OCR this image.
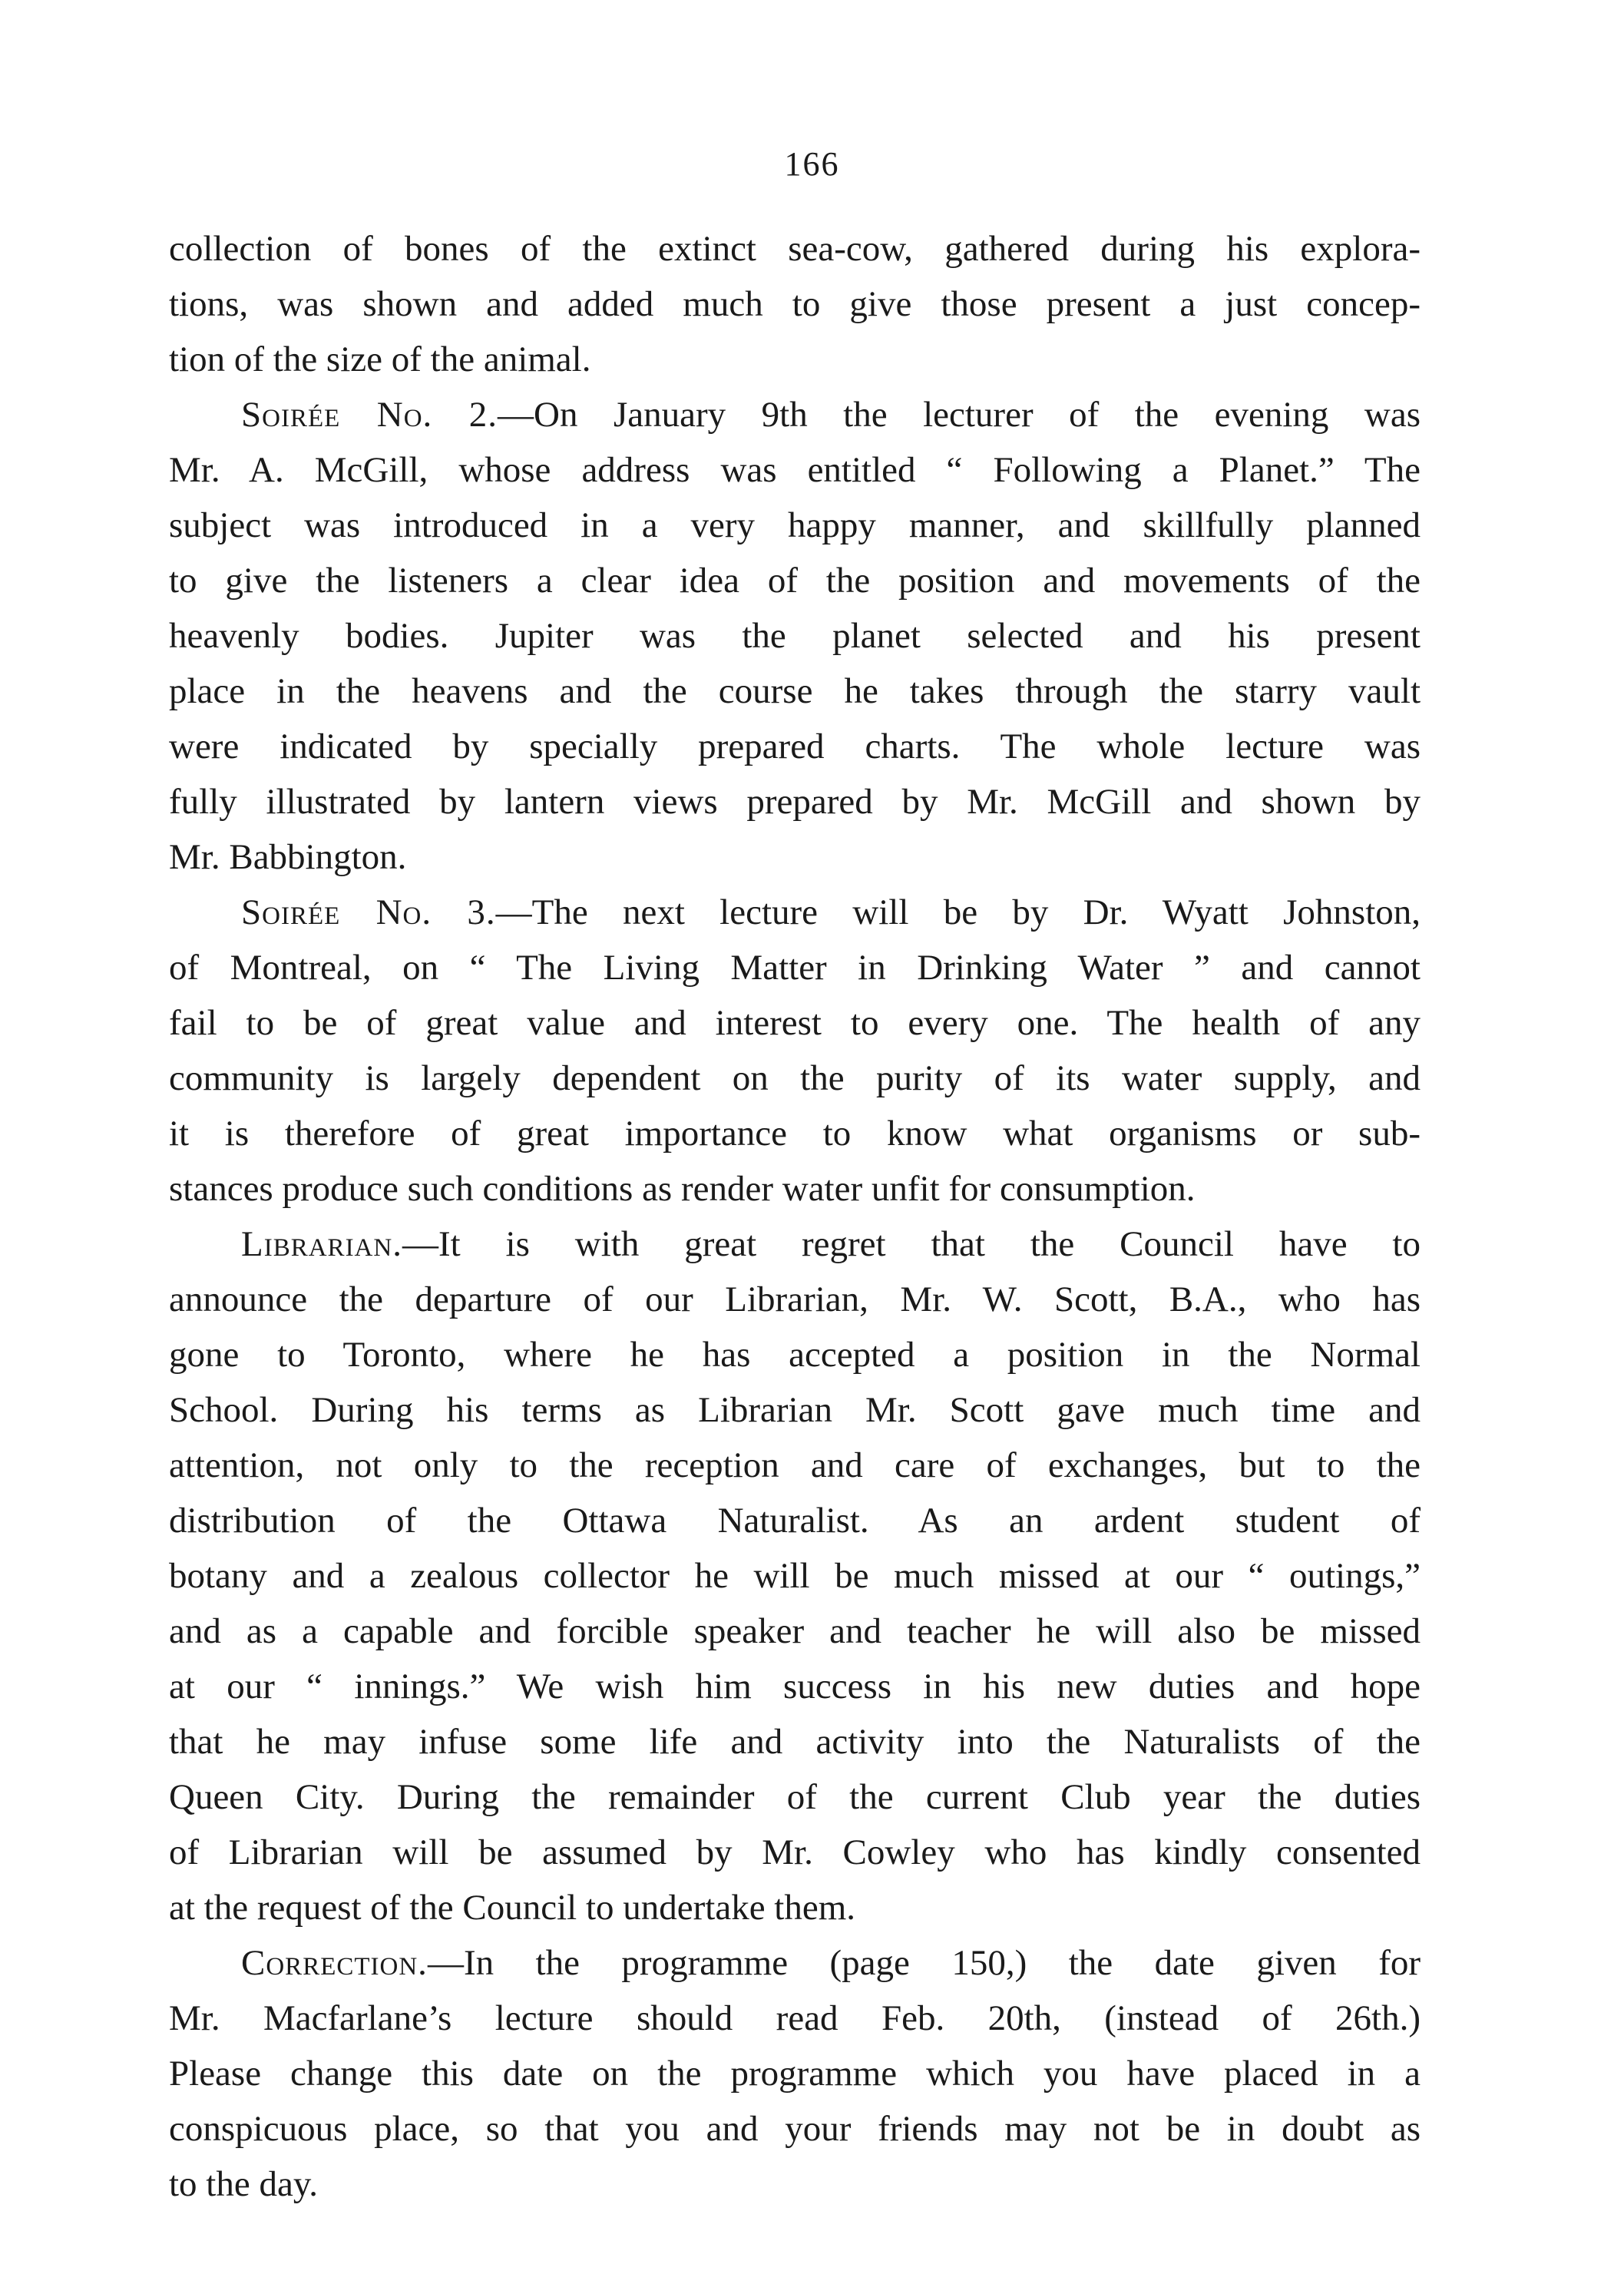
166
collection of bones of the extinct sea-cow, gathered during his explora-
tions, was shown and added much to give those present a just concep-
tion of the size of the animal.
Soirée No. 2.—On January 9th the lecturer of the evening was
Mr. A. McGill, whose address was entitled “ Following a Planet.” The
subject was introduced in a very happy manner, and skillfully planned
to give the listeners a clear idea of the position and movements of the
heavenly bodies. Jupiter was the planet selected and his present
place in the heavens and the course he takes through the starry vault
were indicated by specially prepared charts. The whole lecture was
fully illustrated by lantern views prepared by Mr. McGill and shown by
Mr. Babbington.
Soirée No. 3.—The next lecture will be by Dr. Wyatt Johnston,
of Montreal, on “ The Living Matter in Drinking Water ” and cannot
fail to be of great value and interest to every one. The health of any
community is largely dependent on the purity of its water supply, and
it is therefore of great importance to know what organisms or sub-
stances produce such conditions as render water unfit for consumption.
Librarian.—It is with great regret that the Council have to
announce the departure of our Librarian, Mr. W. Scott, B.A., who has
gone to Toronto, where he has accepted a position in the Normal
School. During his terms as Librarian Mr. Scott gave much time and
attention, not only to the reception and care of exchanges, but to the
distribution of the Ottawa Naturalist. As an ardent student of
botany and a zealous collector he will be much missed at our “ outings,”
and as a capable and forcible speaker and teacher he will also be missed
at our “ innings.” We wish him success in his new duties and hope
that he may infuse some life and activity into the Naturalists of the
Queen City. During the remainder of the current Club year the duties
of Librarian will be assumed by Mr. Cowley who has kindly consented
at the request of the Council to undertake them.
Correction.—In the programme (page 150,) the date given for
Mr. Macfarlane’s lecture should read Feb. 20th, (instead of 26th.)
Please change this date on the programme which you have placed in a
conspicuous place, so that you and your friends may not be in doubt as
to the day.
